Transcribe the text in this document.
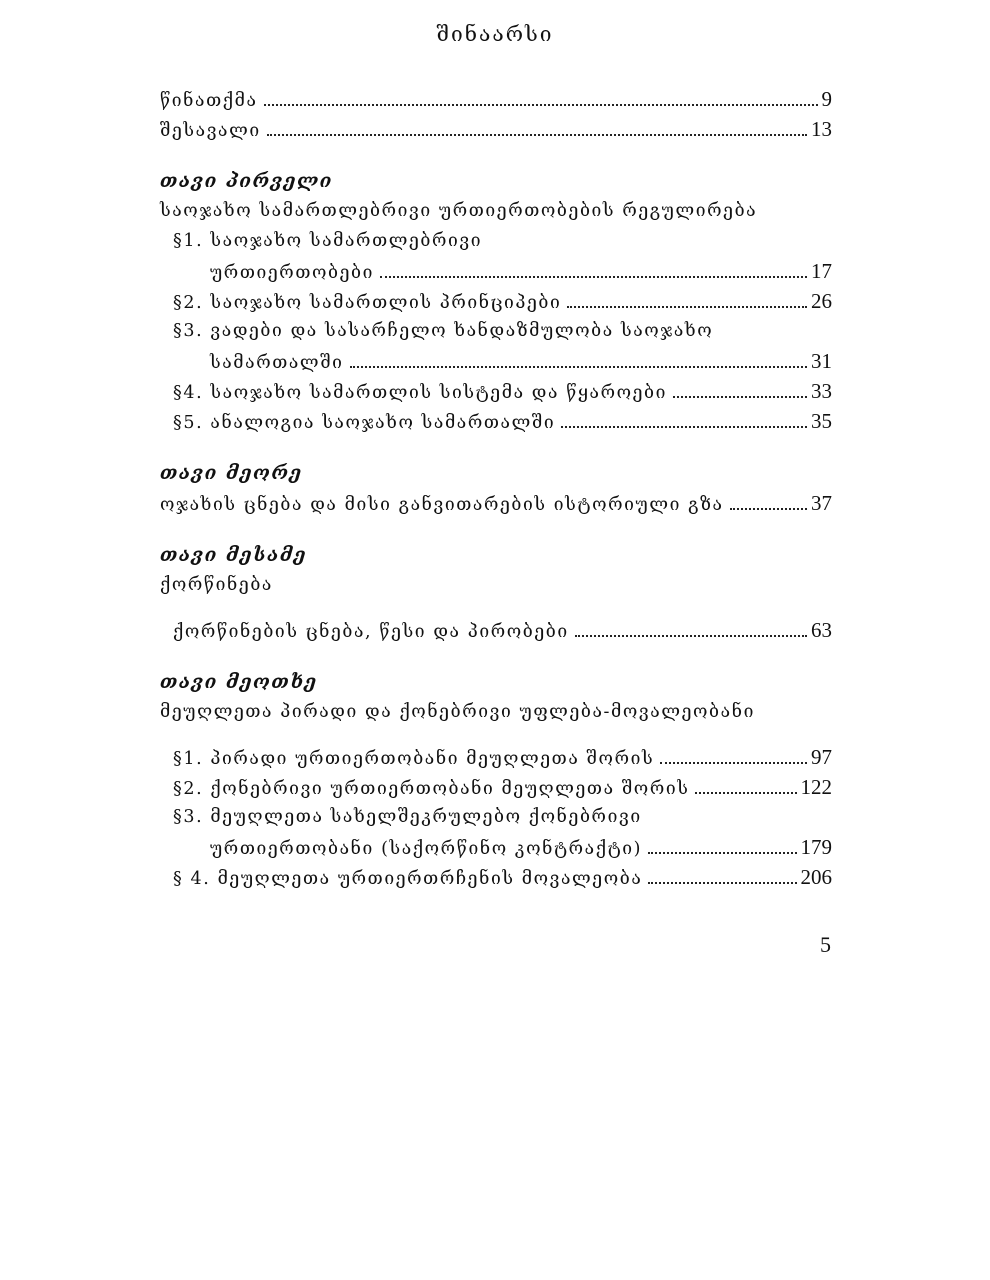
შინაარსი
წინათქმა	9
შესავალი	13
თავი პირველი
საოჯახო სამართლებრივი ურთიერთობების რეგულირება
§1. საოჯახო სამართლებრივი
ურთიერთობები	17
§2. საოჯახო სამართლის პრინციპები	26
§3. ვადები და სასარჩელო ხანდაზმულობა საოჯახო
სამართალში	31
§4. საოჯახო სამართლის სისტემა და წყაროები	33
§5. ანალოგია საოჯახო სამართალში	35
თავი მეორე
ოჯახის ცნება და მისი განვითარების ისტორიული გზა	37
თავი მესამე
ქორწინება
ქორწინების ცნება, წესი და პირობები	63
თავი მეოთხე
მეუღლეთა პირადი და ქონებრივი უფლება-მოვალეობანი
§1. პირადი ურთიერთობანი მეუღლეთა შორის	97
§2. ქონებრივი ურთიერთობანი მეუღლეთა შორის	122
§3. მეუღლეთა სახელშეკრულებო ქონებრივი
ურთიერთობანი (საქორწინო კონტრაქტი)	179
§ 4. მეუღლეთა ურთიერთრჩენის მოვალეობა	206
5
